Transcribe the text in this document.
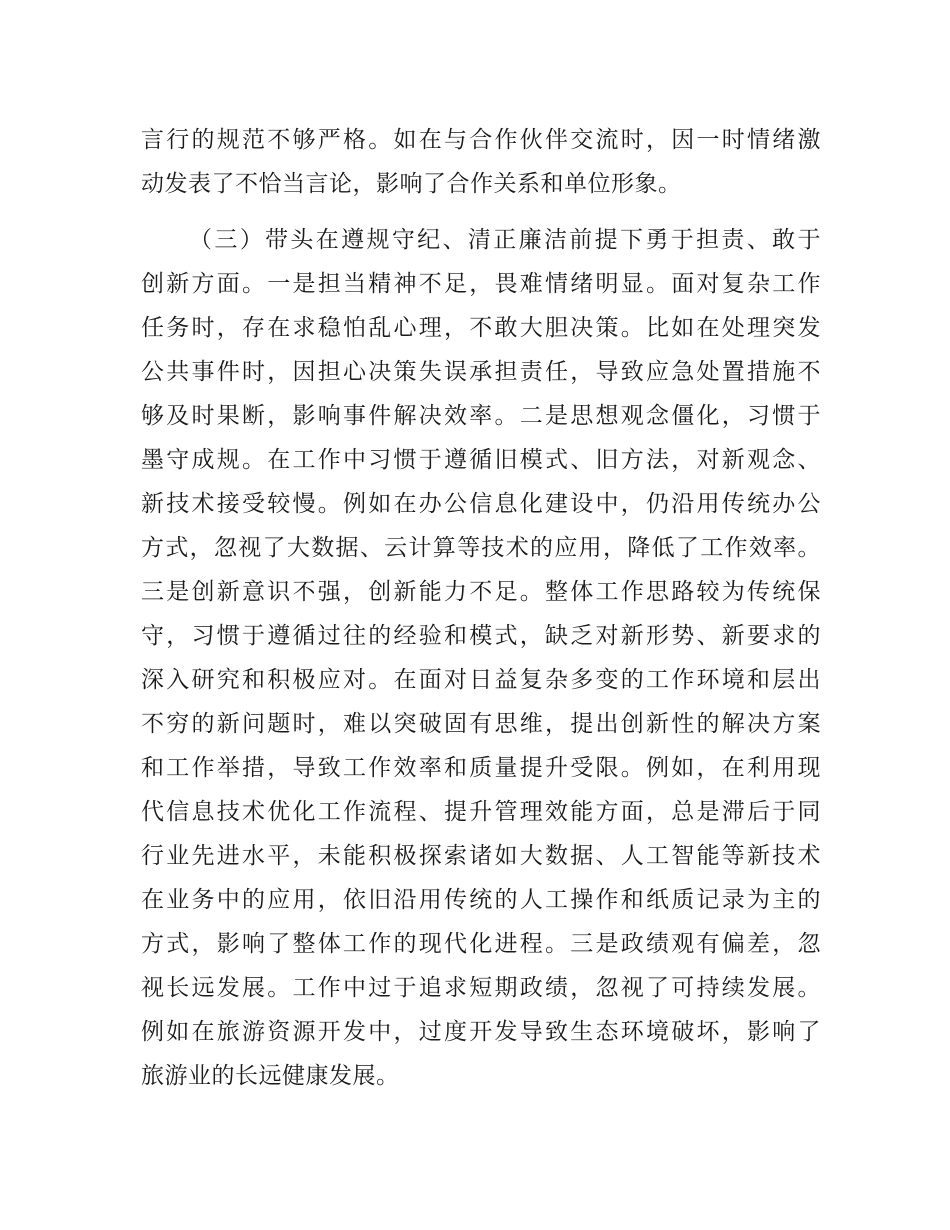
言行的规范不够严格。如在与合作伙伴交流时，因一时情绪激
动发表了不恰当言论，影响了合作关系和单位形象。
（三）带头在遵规守纪、清正廉洁前提下勇于担责、敢于
创新方面。一是担当精神不足，畏难情绪明显。面对复杂工作
任务时，存在求稳怕乱心理，不敢大胆决策。比如在处理突发
公共事件时，因担心决策失误承担责任，导致应急处置措施不
够及时果断，影响事件解决效率。二是思想观念僵化，习惯于
墨守成规。在工作中习惯于遵循旧模式、旧方法，对新观念、
新技术接受较慢。例如在办公信息化建设中，仍沿用传统办公
方式，忽视了大数据、云计算等技术的应用，降低了工作效率。
三是创新意识不强，创新能力不足。整体工作思路较为传统保
守，习惯于遵循过往的经验和模式，缺乏对新形势、新要求的
深入研究和积极应对。在面对日益复杂多变的工作环境和层出
不穷的新问题时，难以突破固有思维，提出创新性的解决方案
和工作举措，导致工作效率和质量提升受限。例如，在利用现
代信息技术优化工作流程、提升管理效能方面，总是滞后于同
行业先进水平，未能积极探索诸如大数据、人工智能等新技术
在业务中的应用，依旧沿用传统的人工操作和纸质记录为主的
方式，影响了整体工作的现代化进程。三是政绩观有偏差，忽
视长远发展。工作中过于追求短期政绩，忽视了可持续发展。
例如在旅游资源开发中，过度开发导致生态环境破坏，影响了
旅游业的长远健康发展。
